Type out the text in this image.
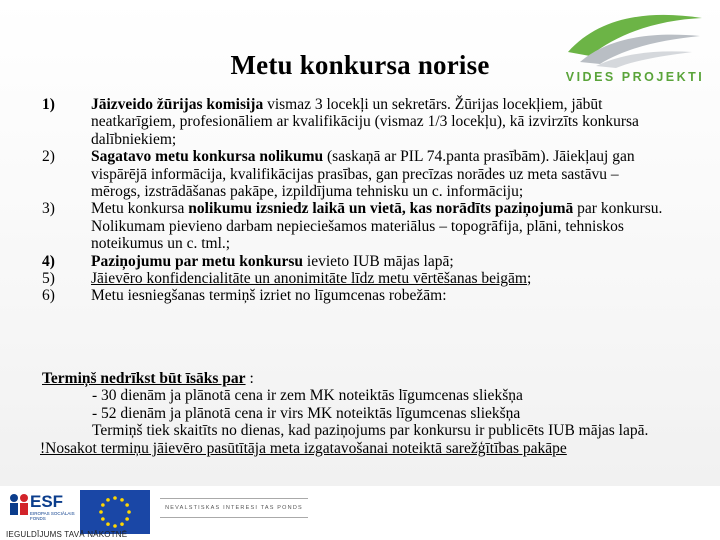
Metu konkursa norise	VIDES PROJEKTI
1)	Jāizveido žūrijas komisija vismaz 3 locekļi un sekretārs. Žūrijas locekļiem, jābūt neatkarīgiem, profesionāliem ar kvalifikāciju (vismaz 1/3 locekļu), kā izvirzīts konkursa dalībniekiem;
2)	Sagatavo metu konkursa nolikumu (saskaņā ar PIL 74.panta prasībām). Jāiekļauj gan vispārējā informācija, kvalifikācijas prasības, gan precīzas norādes uz meta sastāvu – mērogs, izstrādāšanas pakāpe, izpildījuma tehnisku un c. informāciju;
3)	Metu konkursa nolikumu izsniedz laikā un vietā, kas norādīts paziņojumā par konkursu. Nolikumam pievieno darbam nepieciešamos materiālus – topogrāfija, plāni, tehniskos noteikumus un c. tml.;
4)	Paziņojumu par metu konkursu ievieto IUB mājas lapā;
5)	Jāievēro konfidencialitāte un anonimitāte līdz metu vērtēšanas beigām;
6)	Metu iesniegšanas termiņš izriet no līgumcenas robežām:
Termiņš nedrīkst būt īsāks par :
- 30 dienām ja plānotā cena ir zem MK noteiktās līgumcenas sliekšņa
- 52 dienām ja plānotā cena ir virs MK noteiktās līgumcenas sliekšņa
Termiņš tiek skaitīts no dienas, kad paziņojums par konkursu ir publicēts IUB mājas lapā.
!Nosakot termiņu jāievēro pasūtītāja meta izgatavošanai noteiktā sarežģītības pakāpe
ESF
EIROPAS SOCIĀLAIS FONDS
NEVALSTISKAS INTERESI TAS PONDS
IEGULDĪJUMS TAVĀ NĀKOTNĒ
